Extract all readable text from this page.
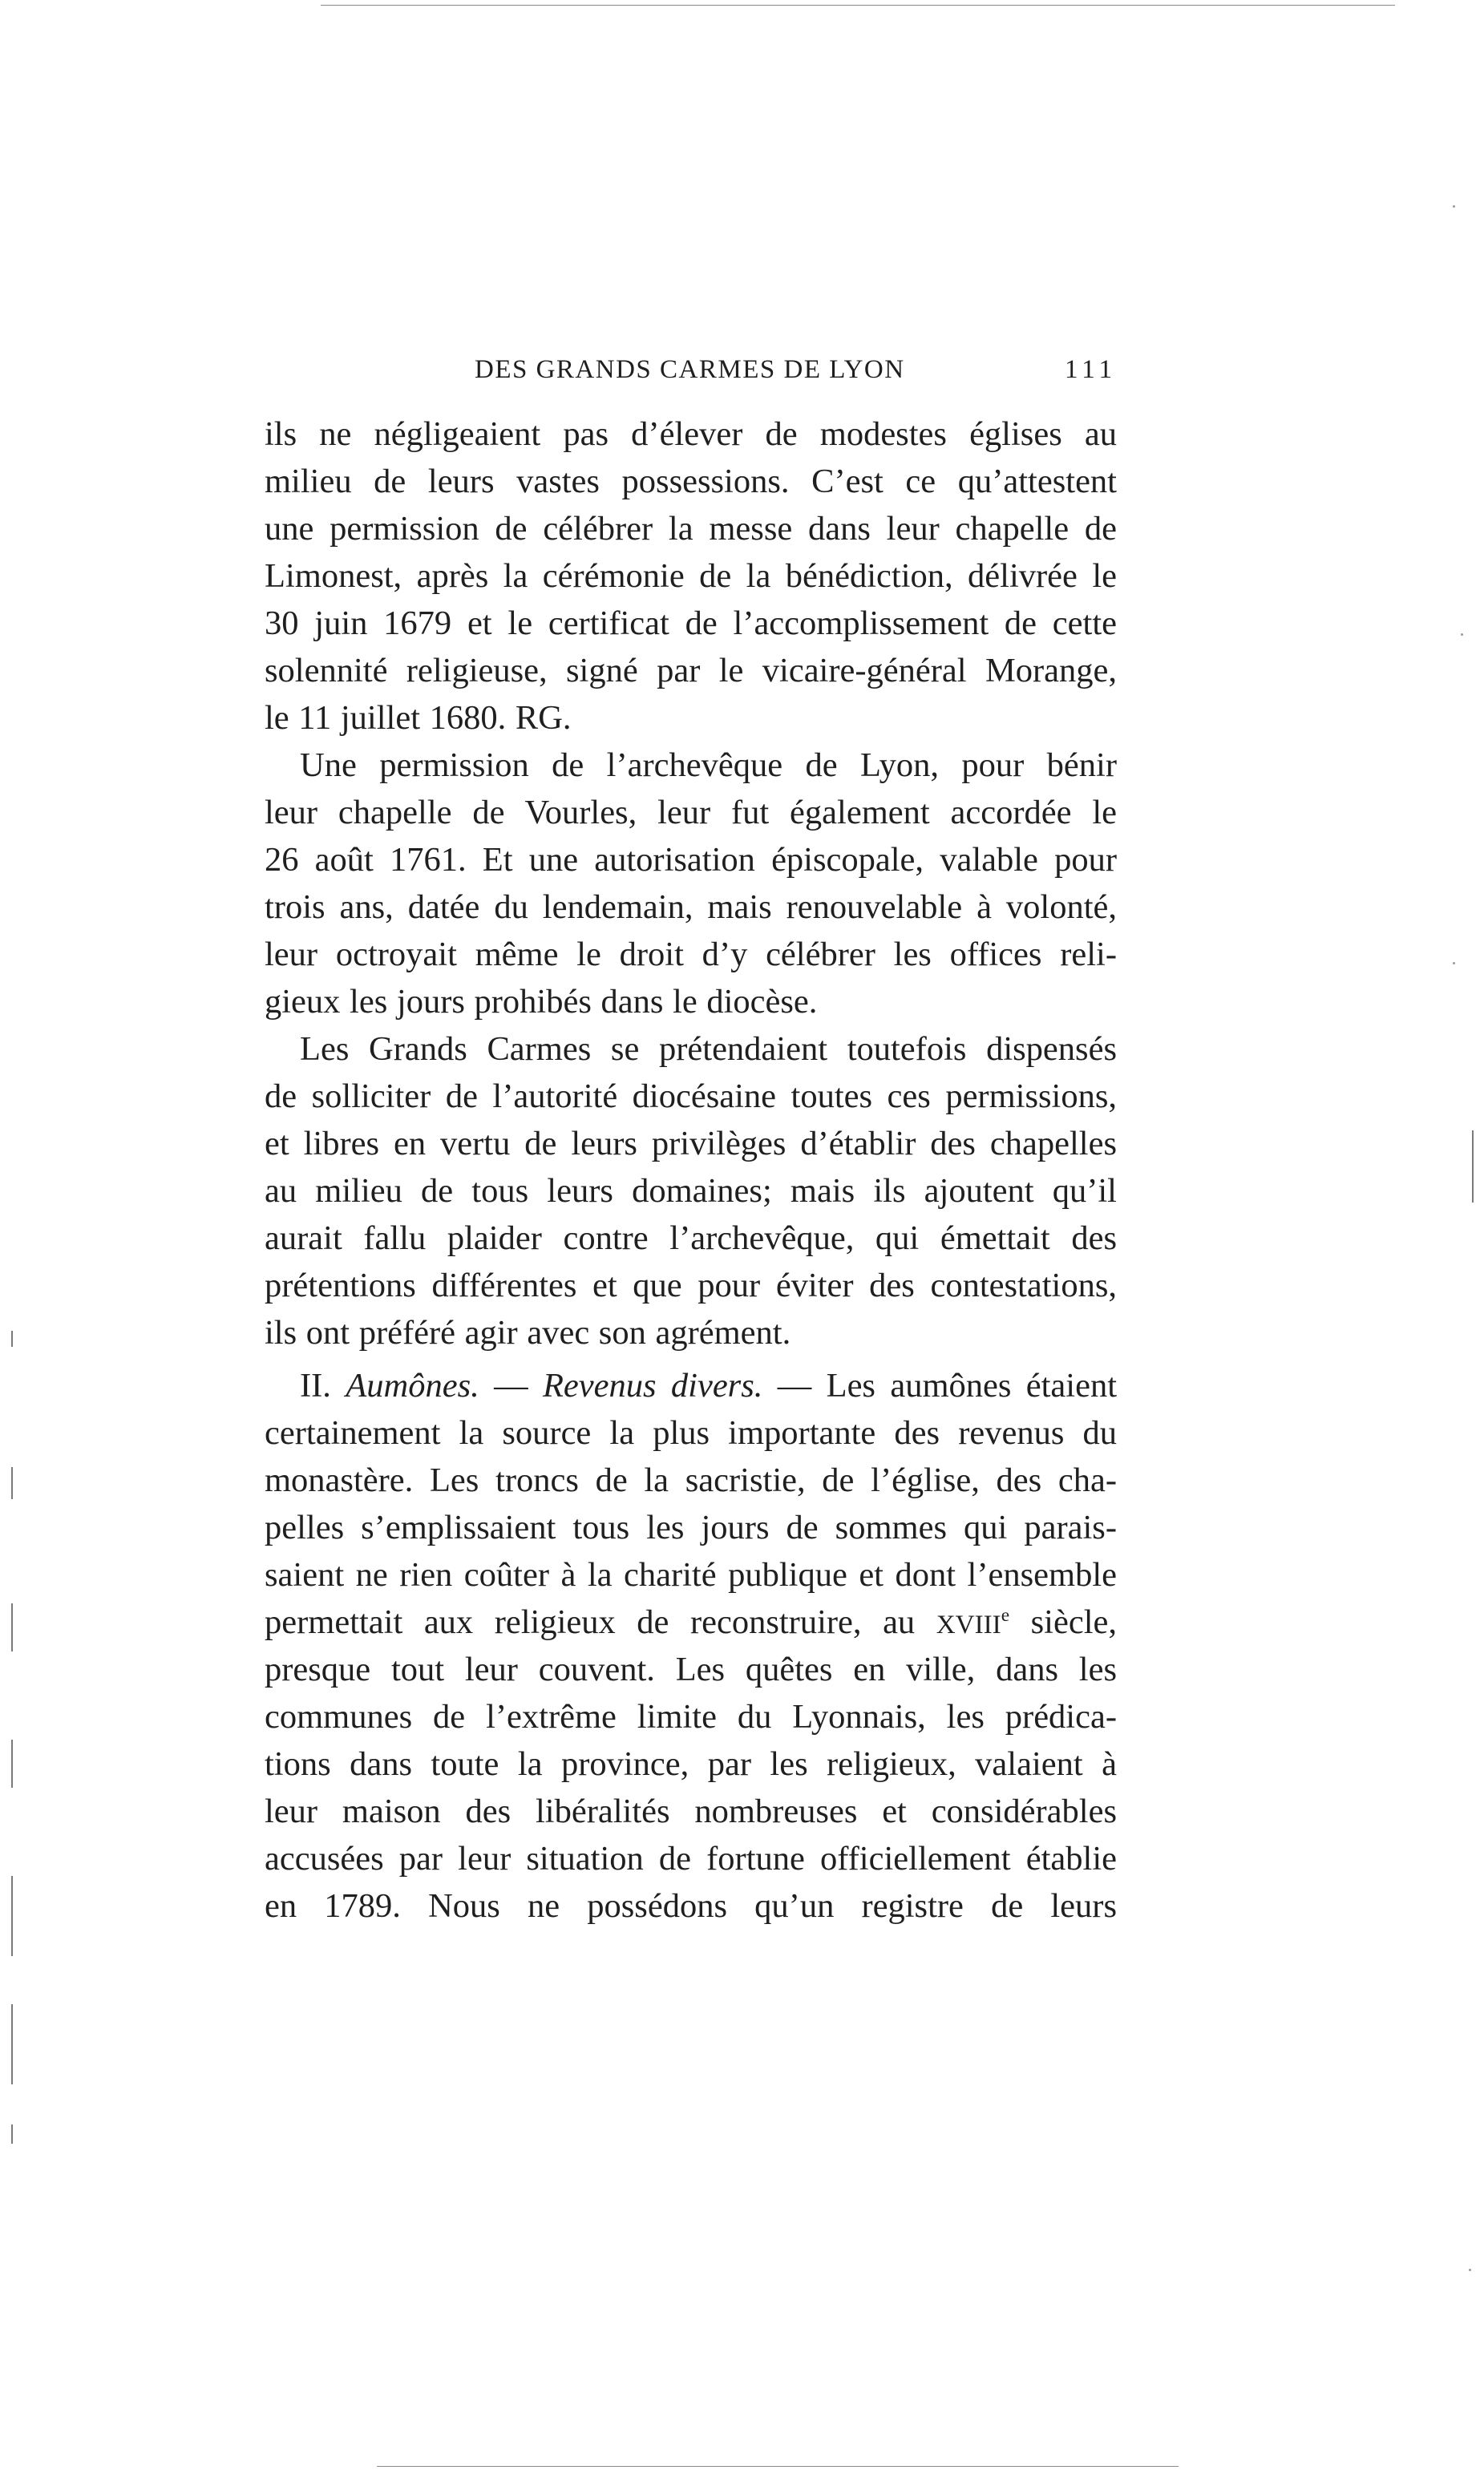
DES GRANDS CARMES DE LYON	111
ils ne négligeaient pas d’élever de modestes églises au
milieu de leurs vastes possessions. C’est ce qu’attestent
une permission de célébrer la messe dans leur chapelle de
Limonest, après la cérémonie de la bénédiction, délivrée le
30 juin 1679 et le certificat de l’accomplissement de cette
solennité religieuse, signé par le vicaire-général Morange,
le 11 juillet 1680. RG.
Une permission de l’archevêque de Lyon, pour bénir
leur chapelle de Vourles, leur fut également accordée le
26 août 1761. Et une autorisation épiscopale, valable pour
trois ans, datée du lendemain, mais renouvelable à volonté,
leur octroyait même le droit d’y célébrer les offices reli-
gieux les jours prohibés dans le diocèse.
Les Grands Carmes se prétendaient toutefois dispensés
de solliciter de l’autorité diocésaine toutes ces permissions,
et libres en vertu de leurs privilèges d’établir des chapelles
au milieu de tous leurs domaines; mais ils ajoutent qu’il
aurait fallu plaider contre l’archevêque, qui émettait des
prétentions différentes et que pour éviter des contestations,
ils ont préféré agir avec son agrément.
II. Aumônes. — Revenus divers. — Les aumônes étaient
certainement la source la plus importante des revenus du
monastère. Les troncs de la sacristie, de l’église, des cha-
pelles s’emplissaient tous les jours de sommes qui parais-
saient ne rien coûter à la charité publique et dont l’ensemble
permettait aux religieux de reconstruire, au XVIIIe siècle,
presque tout leur couvent. Les quêtes en ville, dans les
communes de l’extrême limite du Lyonnais, les prédica-
tions dans toute la province, par les religieux, valaient à
leur maison des libéralités nombreuses et considérables
accusées par leur situation de fortune officiellement établie
en 1789. Nous ne possédons qu’un registre de leurs
